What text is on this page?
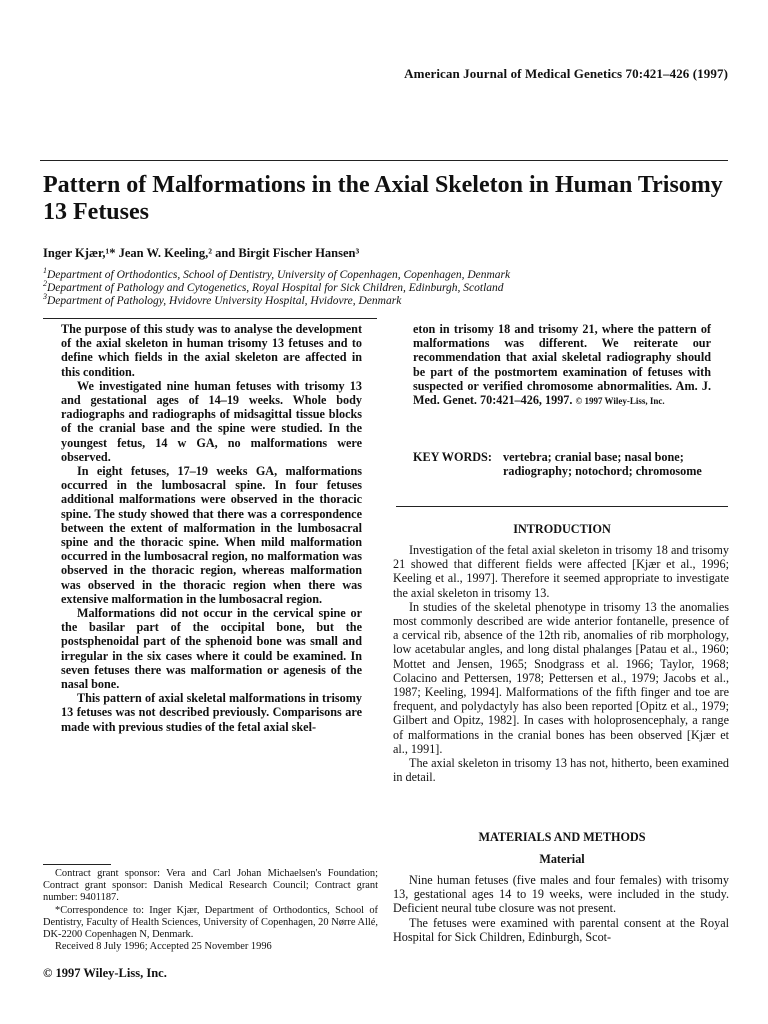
American Journal of Medical Genetics 70:421–426 (1997)
Pattern of Malformations in the Axial Skeleton in Human Trisomy 13 Fetuses
Inger Kjær,¹* Jean W. Keeling,² and Birgit Fischer Hansen³
$^1$Department of Orthodontics, School of Dentistry, University of Copenhagen, Copenhagen, Denmark
$^2$Department of Pathology and Cytogenetics, Royal Hospital for Sick Children, Edinburgh, Scotland
$^3$Department of Pathology, Hvidovre University Hospital, Hvidovre, Denmark

The purpose of this study was to analyse the development of the axial skeleton in human trisomy 13 fetuses and to define which fields in the axial skeleton are affected in this condition.

We investigated nine human fetuses with trisomy 13 and gestational ages of 14–19 weeks. Whole body radiographs and radiographs of midsagittal tissue blocks of the cranial base and the spine were studied. In the youngest fetus, 14 w GA, no malformations were observed.

In eight fetuses, 17–19 weeks GA, malformations occurred in the lumbosacral spine. In four fetuses additional malformations were observed in the thoracic spine. The study showed that there was a correspondence between the extent of malformation in the lumbosacral spine and the thoracic spine. When mild malformation occurred in the lumbosacral region, no malformation was observed in the thoracic region, whereas malformation was observed in the thoracic region when there was extensive malformation in the lumbosacral region.

Malformations did not occur in the cervical spine or the basilar part of the occipital bone, but the postsphenoidal part of the sphenoid bone was small and irregular in the six cases where it could be examined. In seven fetuses there was malformation or agenesis of the nasal bone.

This pattern of axial skeletal malformations in trisomy 13 fetuses was not described previously. Comparisons are made with previous studies of the fetal axial skel-

eton in trisomy 18 and trisomy 21, where the pattern of malformations was different. We reiterate our recommendation that axial skeletal radiography should be part of the postmortem examination of fetuses with suspected or verified chromosome abnormalities. Am. J. Med. Genet. 70:421–426, 1997. © 1997 Wiley-Liss, Inc.

KEY WORDS: vertebra; cranial base; nasal bone; radiography; notochord; chromosome
INTRODUCTION

Investigation of the fetal axial skeleton in trisomy 18 and trisomy 21 showed that different fields were affected [Kjær et al., 1996; Keeling et al., 1997]. Therefore it seemed appropriate to investigate the axial skeleton in trisomy 13.

In studies of the skeletal phenotype in trisomy 13 the anomalies most commonly described are wide anterior fontanelle, presence of a cervical rib, absence of the 12th rib, anomalies of rib morphology, low acetabular angles, and long distal phalanges [Patau et al., 1960; Mottet and Jensen, 1965; Snodgrass et al. 1966; Taylor, 1968; Colacino and Pettersen, 1978; Pettersen et al., 1979; Jacobs et al., 1987; Keeling, 1994]. Malformations of the fifth finger and toe are frequent, and polydactyly has also been reported [Opitz et al., 1979; Gilbert and Opitz, 1982]. In cases with holoprosencephaly, a range of malformations in the cranial bones has been observed [Kjær et al., 1991].

The axial skeleton in trisomy 13 has not, hitherto, been examined in detail.

MATERIALS AND METHODS
Material

Nine human fetuses (five males and four females) with trisomy 13, gestational ages 14 to 19 weeks, were included in the study. Deficient neural tube closure was not present.

The fetuses were examined with parental consent at the Royal Hospital for Sick Children, Edinburgh, Scot-

Contract grant sponsor: Vera and Carl Johan Michaelsen's Foundation; Contract grant sponsor: Danish Medical Research Council; Contract grant number: 9401187.

*Correspondence to: Inger Kjær, Department of Orthodontics, School of Dentistry, Faculty of Health Sciences, University of Copenhagen, 20 Nørre Allé, DK-2200 Copenhagen N, Denmark.

Received 8 July 1996; Accepted 25 November 1996

© 1997 Wiley-Liss, Inc.
